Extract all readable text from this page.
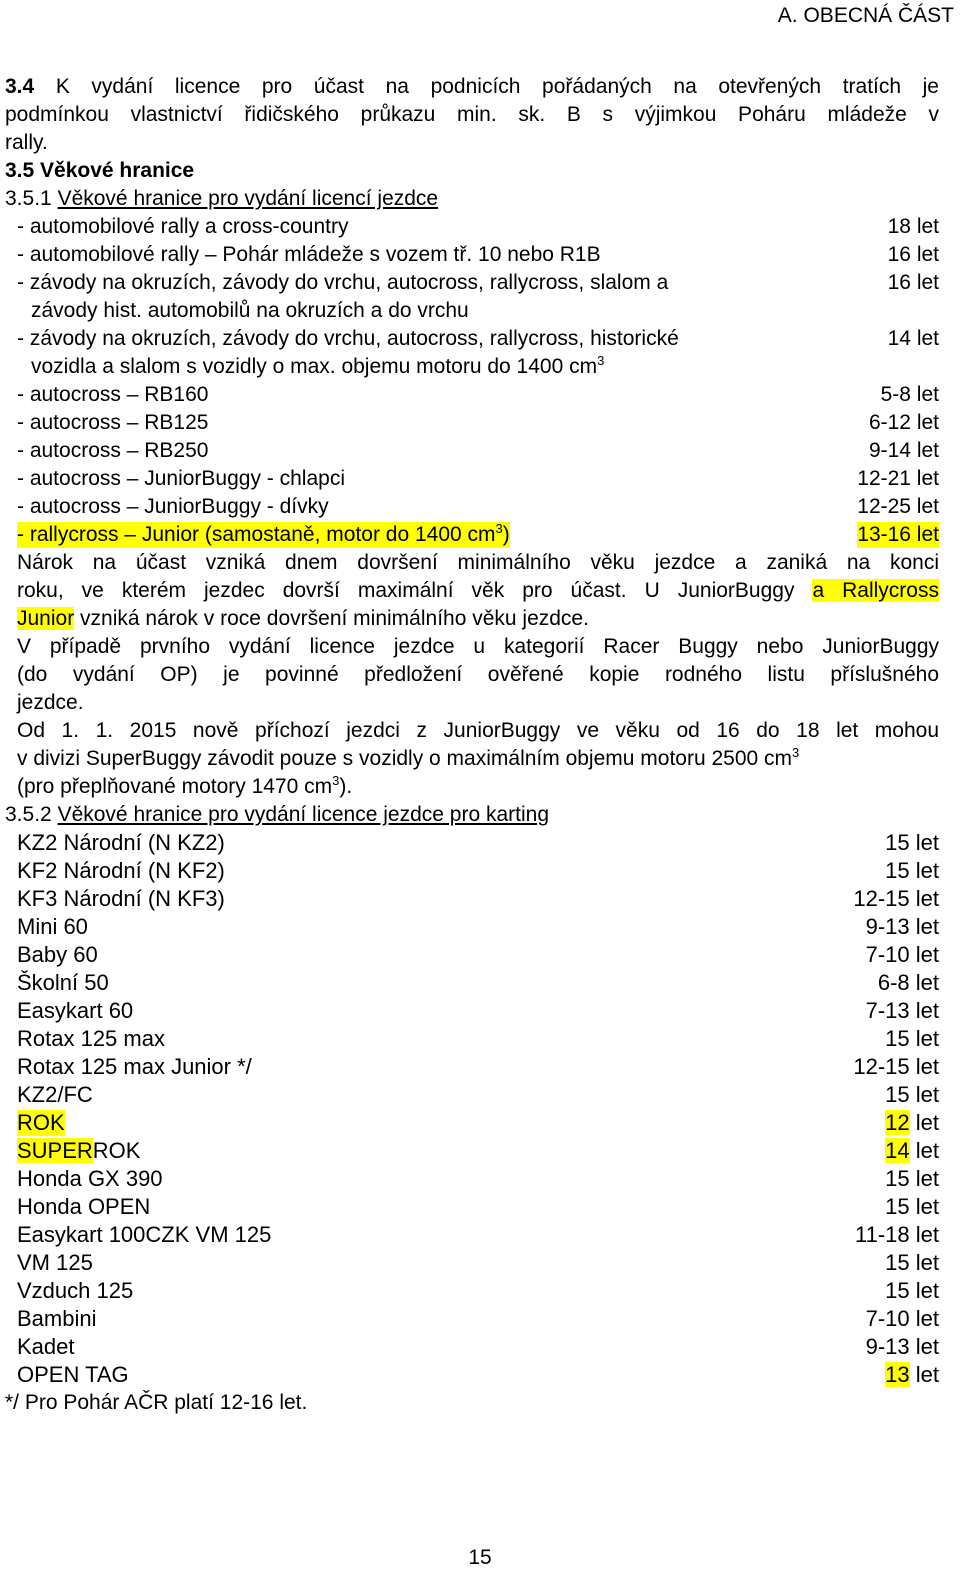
A. OBECNÁ ČÁST
3.4 K vydání licence pro účast na podnicích pořádaných na otevřených tratích je
podmínkou vlastnictví řidičského průkazu min. sk. B s výjimkou Poháru mládeže v
rally.
3.5 Věkové hranice
3.5.1 Věkové hranice pro vydání licencí jezdce
- automobilové rally a cross-country	18 let
- automobilové rally – Pohár mládeže s vozem tř. 10 nebo R1B	16 let
- závody na okruzích, závody do vrchu, autocross, rallycross, slalom a	16 let
závody hist. automobilů na okruzích a do vrchu
- závody na okruzích, závody do vrchu, autocross, rallycross, historické	14 let
vozidla a slalom s vozidly o max. objemu motoru do 1400 $cm^3$
- autocross – RB160	5-8 let
- autocross – RB125	6-12 let
- autocross – RB250	9-14 let
- autocross – JuniorBuggy - chlapci	12-21 let
- autocross – JuniorBuggy - dívky	12-25 let
- rallycross – Junior (samostaně, motor do 1400 $cm^3$)	13-16 let
Nárok na účast vzniká dnem dovršení minimálního věku jezdce a zaniká na konci
roku, ve kterém jezdec dovrší maximální věk pro účast. U JuniorBuggy a Rallycross
Junior vzniká nárok v roce dovršení minimálního věku jezdce.
V případě prvního vydání licence jezdce u kategorií Racer Buggy nebo JuniorBuggy
(do vydání OP) je povinné předložení ověřené kopie rodného listu příslušného
jezdce.
Od 1. 1. 2015 nově příchozí jezdci z JuniorBuggy ve věku od 16 do 18 let mohou
v divizi SuperBuggy závodit pouze s vozidly o maximálním objemu motoru 2500 $cm^3$
(pro přeplňované motory 1470 $cm^3$).
3.5.2 Věkové hranice pro vydání licence jezdce pro karting
KZ2 Národní (N KZ2)	15 let
KF2 Národní (N KF2)	15 let
KF3 Národní (N KF3)	12-15 let
Mini 60	9-13 let
Baby 60	7-10 let
Školní 50	6-8 let
Easykart 60	7-13 let
Rotax 125 max	15 let
Rotax 125 max Junior */	12-15 let
KZ2/FC	15 let
ROK	12 let
SUPERROK	14 let
Honda GX 390	15 let
Honda OPEN	15 let
Easykart 100CZK VM 125	11-18 let
VM 125	15 let
Vzduch 125	15 let
Bambini	7-10 let
Kadet	9-13 let
OPEN TAG	13 let
*/ Pro Pohár AČR platí 12-16 let.
15
